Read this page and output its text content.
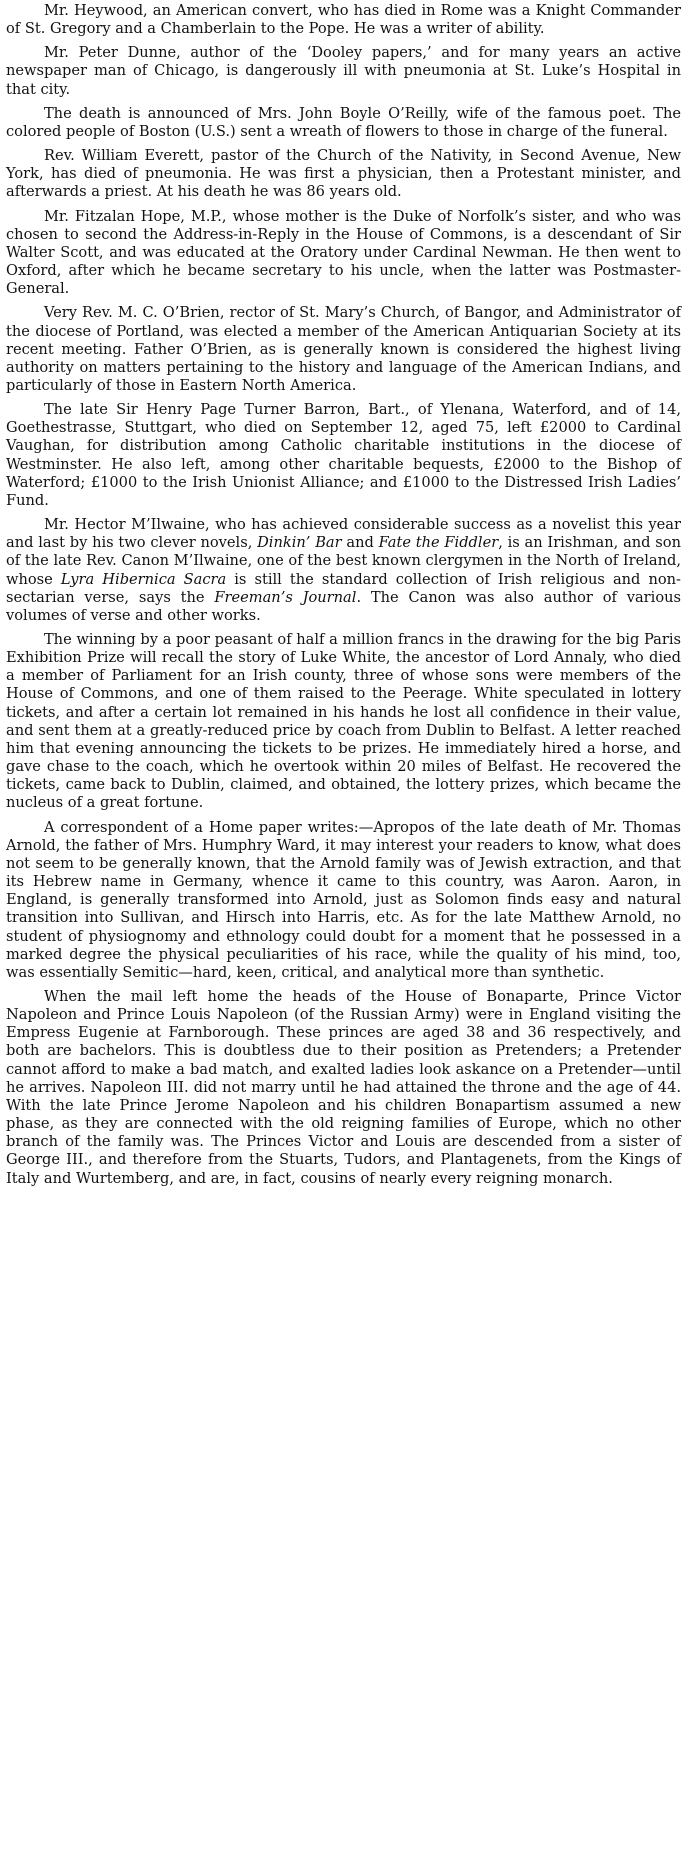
Mr. Heywood, an American convert, who has died in Rome was a Knight Commander of St. Gregory and a Chamberlain to the Pope. He was a writer of ability.

Mr. Peter Dunne, author of the ‘Dooley papers,’ and for many years an active newspaper man of Chicago, is dangerously ill with pneumonia at St. Luke’s Hospital in that city.

The death is announced of Mrs. John Boyle O’Reilly, wife of the famous poet. The colored people of Boston (U.S.) sent a wreath of flowers to those in charge of the funeral.

Rev. William Everett, pastor of the Church of the Nativity, in Second Avenue, New York, has died of pneumonia. He was first a physician, then a Protestant minister, and afterwards a priest. At his death he was 86 years old.

Mr. Fitzalan Hope, M.P., whose mother is the Duke of Norfolk’s sister, and who was chosen to second the Address-in-Reply in the House of Commons, is a descendant of Sir Walter Scott, and was educated at the Oratory under Cardinal Newman. He then went to Oxford, after which he became secretary to his uncle, when the latter was Postmaster-General.

Very Rev. M. C. O’Brien, rector of St. Mary’s Church, of Bangor, and Administrator of the diocese of Portland, was elected a member of the American Antiquarian Society at its recent meeting. Father O’Brien, as is generally known is considered the highest living authority on matters pertaining to the history and language of the American Indians, and particularly of those in Eastern North America.

The late Sir Henry Page Turner Barron, Bart., of Ylenana, Waterford, and of 14, Goethestrasse, Stuttgart, who died on September 12, aged 75, left £2000 to Cardinal Vaughan, for distribution among Catholic charitable institutions in the diocese of Westminster. He also left, among other charitable bequests, £2000 to the Bishop of Waterford; £1000 to the Irish Unionist Alliance; and £1000 to the Distressed Irish Ladies’ Fund.

Mr. Hector M’Ilwaine, who has achieved considerable success as a novelist this year and last by his two clever novels, Dinkin’ Bar and Fate the Fiddler, is an Irishman, and son of the late Rev. Canon M’Ilwaine, one of the best known clergymen in the North of Ireland, whose Lyra Hibernica Sacra is still the standard collection of Irish religious and non-sectarian verse, says the Freeman’s Journal. The Canon was also author of various volumes of verse and other works.

The winning by a poor peasant of half a million francs in the drawing for the big Paris Exhibition Prize will recall the story of Luke White, the ancestor of Lord Annaly, who died a member of Parliament for an Irish county, three of whose sons were members of the House of Commons, and one of them raised to the Peerage. White speculated in lottery tickets, and after a certain lot remained in his hands he lost all confidence in their value, and sent them at a greatly-reduced price by coach from Dublin to Belfast. A letter reached him that evening announcing the tickets to be prizes. He immediately hired a horse, and gave chase to the coach, which he overtook within 20 miles of Belfast. He recovered the tickets, came back to Dublin, claimed, and obtained, the lottery prizes, which became the nucleus of a great fortune.

A correspondent of a Home paper writes:—Apropos of the late death of Mr. Thomas Arnold, the father of Mrs. Humphry Ward, it may interest your readers to know, what does not seem to be generally known, that the Arnold family was of Jewish extraction, and that its Hebrew name in Germany, whence it came to this country, was Aaron. Aaron, in England, is generally transformed into Arnold, just as Solomon finds easy and natural transition into Sullivan, and Hirsch into Harris, etc. As for the late Matthew Arnold, no student of physiognomy and ethnology could doubt for a moment that he possessed in a marked degree the physical peculiarities of his race, while the quality of his mind, too, was essentially Semitic—hard, keen, critical, and analytical more than synthetic.

When the mail left home the heads of the House of Bonaparte, Prince Victor Napoleon and Prince Louis Napoleon (of the Russian Army) were in England visiting the Empress Eugenie at Farnborough. These princes are aged 38 and 36 respectively, and both are bachelors. This is doubtless due to their position as Pretenders; a Pretender cannot afford to make a bad match, and exalted ladies look askance on a Pretender—until he arrives. Napoleon III. did not marry until he had attained the throne and the age of 44. With the late Prince Jerome Napoleon and his children Bonapartism assumed a new phase, as they are connected with the old reigning families of Europe, which no other branch of the family was. The Princes Victor and Louis are descended from a sister of George III., and therefore from the Stuarts, Tudors, and Plantagenets, from the Kings of Italy and Wurtemberg, and are, in fact, cousins of nearly every reigning monarch.
